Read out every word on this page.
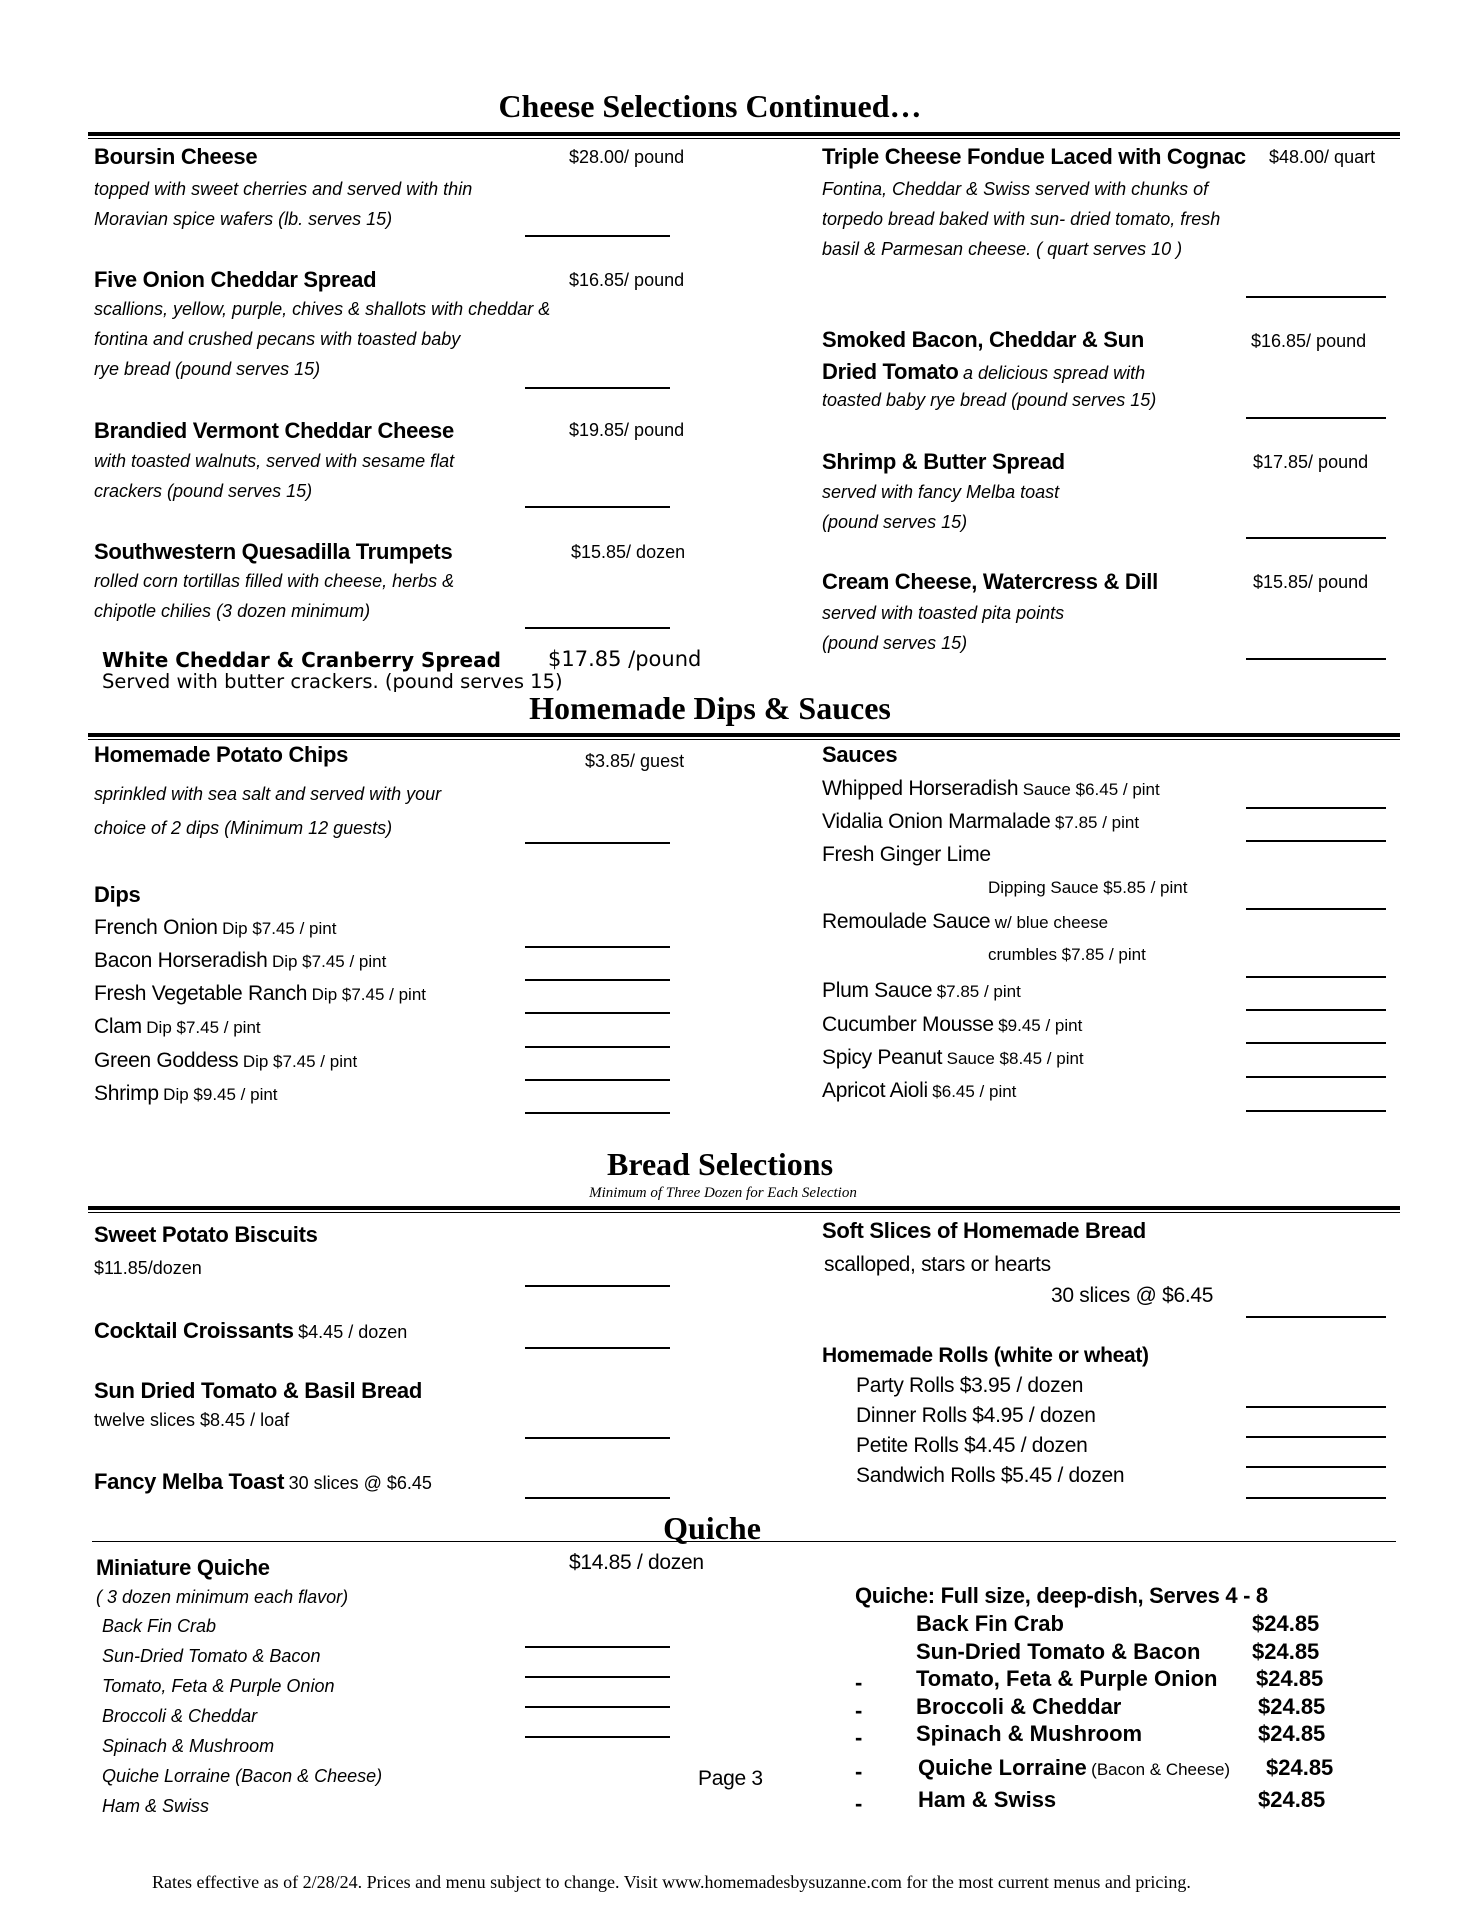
Cheese Selections Continued…
Boursin Cheese	$28.00/ pound
topped with sweet cherries and served with thin
Moravian spice wafers (lb. serves 15)
Five Onion Cheddar Spread	$16.85/ pound
scallions, yellow, purple, chives & shallots with cheddar &
fontina and crushed pecans with toasted baby
rye bread (pound serves 15)
Brandied Vermont Cheddar Cheese	$19.85/ pound
with toasted walnuts, served with sesame flat
crackers (pound serves 15)
Southwestern Quesadilla Trumpets	$15.85/ dozen
rolled corn tortillas filled with cheese, herbs &
chipotle chilies (3 dozen minimum)
White Cheddar & Cranberry Spread $17.85 /pound
Served with butter crackers. (pound serves 15)
Triple Cheese Fondue Laced with Cognac $48.00/ quart
Fontina, Cheddar & Swiss served with chunks of
torpedo bread baked with sun- dried tomato, fresh
basil & Parmesan cheese. ( quart serves 10 )
Smoked Bacon, Cheddar & Sun	$16.85/ pound
Dried Tomato a delicious spread with
toasted baby rye bread (pound serves 15)
Shrimp & Butter Spread	$17.85/ pound
served with fancy Melba toast
(pound serves 15)
Cream Cheese, Watercress & Dill	$15.85/ pound
served with toasted pita points
(pound serves 15)
Homemade Dips & Sauces
Homemade Potato Chips	$3.85/ guest
sprinkled with sea salt and served with your
choice of 2 dips (Minimum 12 guests)
Dips
French Onion Dip $7.45 / pint
Bacon Horseradish Dip $7.45 / pint
Fresh Vegetable Ranch Dip $7.45 / pint
Clam Dip $7.45 / pint
Green Goddess Dip $7.45 / pint
Shrimp Dip $9.45 / pint
Sauces
Whipped Horseradish Sauce $6.45 / pint
Vidalia Onion Marmalade $7.85 / pint
Fresh Ginger Lime
Dipping Sauce $5.85 / pint
Remoulade Sauce w/ blue cheese
crumbles $7.85 / pint
Plum Sauce $7.85 / pint
Cucumber Mousse $9.45 / pint
Spicy Peanut Sauce $8.45 / pint
Apricot Aioli $6.45 / pint
Bread Selections
Minimum of Three Dozen for Each Selection
Sweet Potato Biscuits
$11.85/dozen
Cocktail Croissants $4.45 / dozen
Sun Dried Tomato & Basil Bread
twelve slices $8.45 / loaf
Fancy Melba Toast 30 slices @ $6.45
Soft Slices of Homemade Bread
scalloped, stars or hearts
30 slices @ $6.45
Homemade Rolls (white or wheat)
Party Rolls $3.95 / dozen
Dinner Rolls $4.95 / dozen
Petite Rolls $4.45 / dozen
Sandwich Rolls $5.45 / dozen
Quiche
Miniature Quiche	$14.85 / dozen
( 3 dozen minimum each flavor)
Back Fin Crab
Sun-Dried Tomato & Bacon
Tomato, Feta & Purple Onion
Broccoli & Cheddar
Spinach & Mushroom
Quiche Lorraine (Bacon & Cheese)
Ham & Swiss
Page 3
Quiche: Full size, deep-dish, Serves 4 - 8
Back Fin Crab	$24.85
Sun-Dried Tomato & Bacon $24.85
- Tomato, Feta & Purple Onion $24.85
- Broccoli & Cheddar	$24.85
- Spinach & Mushroom	$24.85
-	Quiche Lorraine (Bacon & Cheese) $24.85
-	Ham & Swiss	$24.85
Rates effective as of 2/28/24. Prices and menu subject to change. Visit www.homemadesbysuzanne.com for the most current menus and pricing.
